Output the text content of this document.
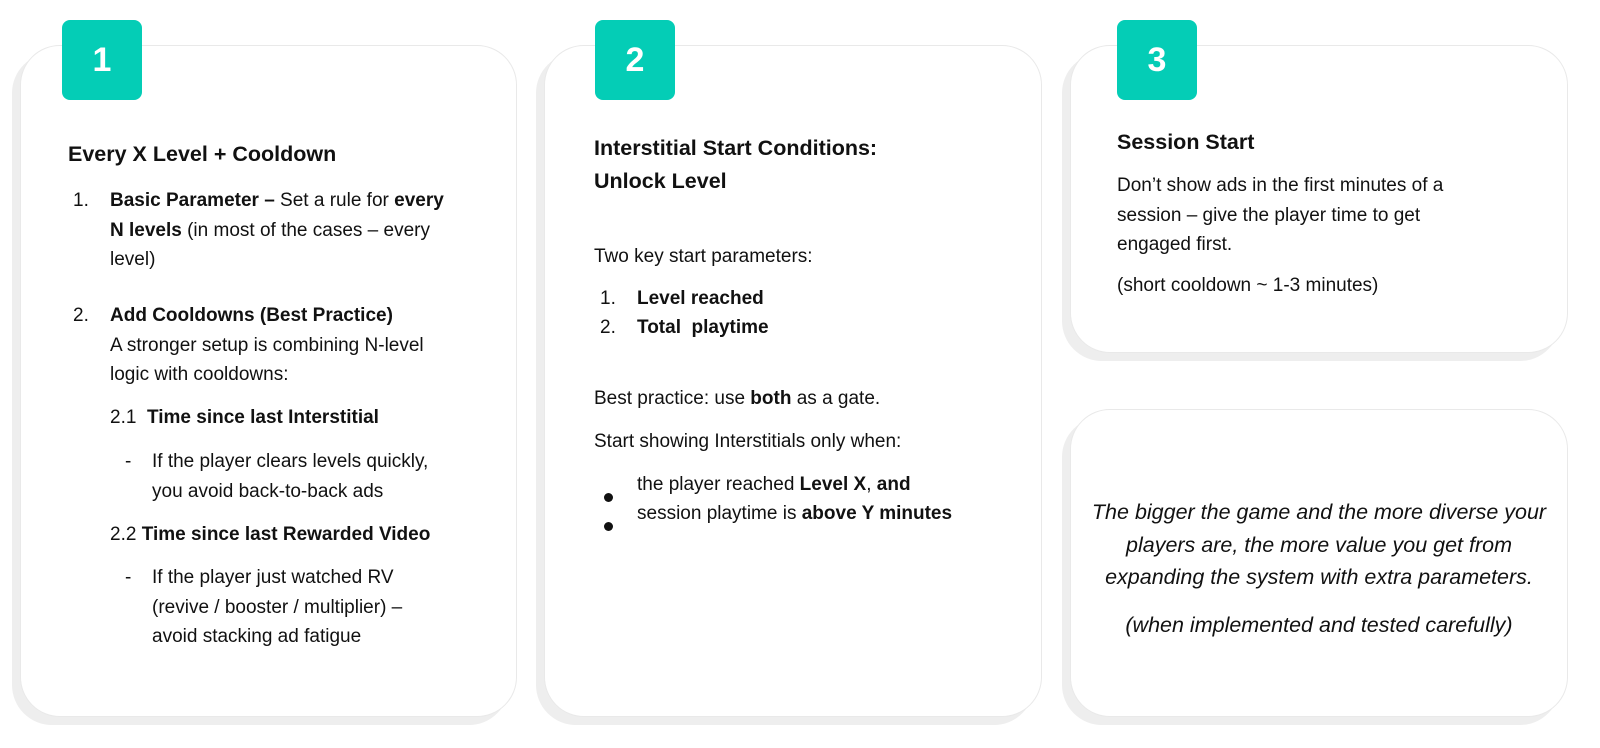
1	2	3
Every X Level + Cooldown
1. Basic Parameter – Set a rule for every
N levels (in most of the cases – every
level)
2. Add Cooldowns (Best Practice)
A stronger setup is combining N-level
logic with cooldowns:
2.1 Time since last Interstitial
- If the player clears levels quickly,
you avoid back-to-back ads
2.2 Time since last Rewarded Video
- If the player just watched RV
(revive / booster / multiplier) –
avoid stacking ad fatigue
Interstitial Start Conditions:
Unlock Level
Two key start parameters:
1. Level reached
2. Total  playtime
Best practice: use both as a gate.
Start showing Interstitials only when:
the player reached Level X, and
session playtime is above Y minutes
Session Start
Don’t show ads in the first minutes of a
session – give the player time to get
engaged first.
(short cooldown ~ 1-3 minutes)
The bigger the game and the more diverse your
players are, the more value you get from
expanding the system with extra parameters.
(when implemented and tested carefully)
